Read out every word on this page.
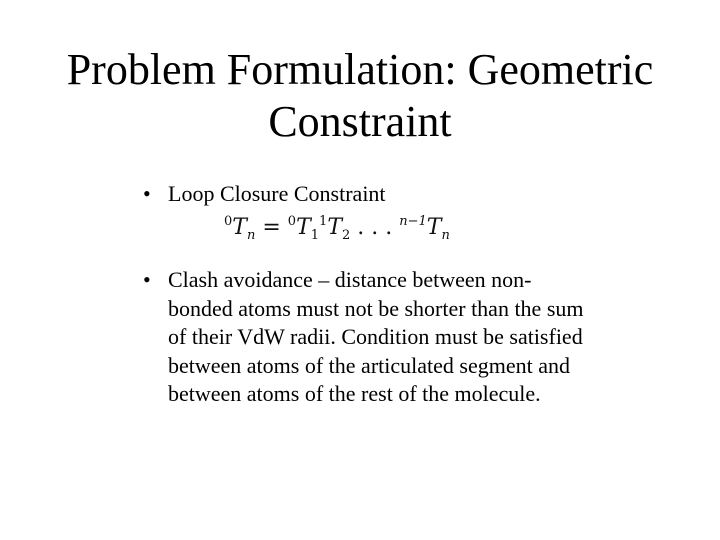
Problem Formulation: Geometric
Constraint
• Loop Closure Constraint
$^0T_n = ^0T_1^1T_2$ . . . $^{n-1}T_n$
• Clash avoidance – distance between non-bonded atoms must not be shorter than the sum of their VdW radii. Condition must be satisfied between atoms of the articulated segment and between atoms of the rest of the molecule.
